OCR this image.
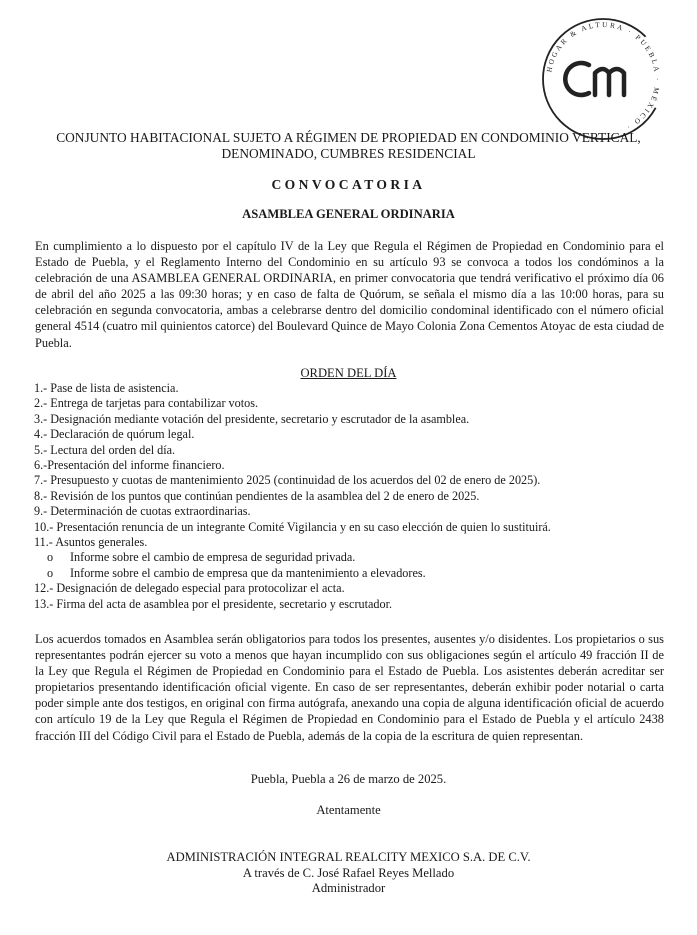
HOGAR & ALTURA · PUEBLA · MÉXICO ·
CONJUNTO HABITACIONAL SUJETO A RÉGIMEN DE PROPIEDAD EN CONDOMINIO VERTICAL,
DENOMINADO, CUMBRES RESIDENCIAL
CONVOCATORIA
ASAMBLEA GENERAL ORDINARIA

En cumplimiento a lo dispuesto por el capítulo IV de la Ley que Regula el Régimen de Propiedad en Condominio para el Estado de Puebla, y el Reglamento Interno del Condominio en su artículo 93 se convoca a todos los condóminos a la celebración de una ASAMBLEA GENERAL ORDINARIA, en primer convocatoria que tendrá verificativo el próximo día 06 de abril del año 2025 a las 09:30 horas; y en caso de falta de Quórum, se señala el mismo día a las 10:00 horas, para su celebración en segunda convocatoria, ambas a celebrarse dentro del domicilio condominal identificado con el número oficial general 4514 (cuatro mil quinientos catorce) del Boulevard Quince de Mayo Colonia Zona Cementos Atoyac de esta ciudad de Puebla.

ORDEN DEL DÍA
1.- Pase de lista de asistencia.
2.- Entrega de tarjetas para contabilizar votos.
3.- Designación mediante votación del presidente, secretario y escrutador de la asamblea.
4.- Declaración de quórum legal.
5.- Lectura del orden del día.
6.-Presentación del informe financiero.
7.- Presupuesto y cuotas de mantenimiento 2025 (continuidad de los acuerdos del 02 de enero de 2025).
8.- Revisión de los puntos que continúan pendientes de la asamblea del 2 de enero de 2025.
9.- Determinación de cuotas extraordinarias.
10.- Presentación renuncia de un integrante Comité Vigilancia y en su caso elección de quien lo sustituirá.
11.- Asuntos generales.
o Informe sobre el cambio de empresa de seguridad privada.
o Informe sobre el cambio de empresa que da mantenimiento a elevadores.
12.- Designación de delegado especial para protocolizar el acta.
13.- Firma del acta de asamblea por el presidente, secretario y escrutador.

Los acuerdos tomados en Asamblea serán obligatorios para todos los presentes, ausentes y/o disidentes. Los propietarios o sus representantes podrán ejercer su voto a menos que hayan incumplido con sus obligaciones según el artículo 49 fracción II de la Ley que Regula el Régimen de Propiedad en Condominio para el Estado de Puebla. Los asistentes deberán acreditar ser propietarios presentando identificación oficial vigente. En caso de ser representantes, deberán exhibir poder notarial o carta poder simple ante dos testigos, en original con firma autógrafa, anexando una copia de alguna identificación oficial de acuerdo con artículo 19 de la Ley que Regula el Régimen de Propiedad en Condominio para el Estado de Puebla y el artículo 2438 fracción III del Código Civil para el Estado de Puebla, además de la copia de la escritura de quien representan.

Puebla, Puebla a 26 de marzo de 2025.
Atentamente
ADMINISTRACIÓN INTEGRAL REALCITY MEXICO S.A. DE C.V.
A través de C. José Rafael Reyes Mellado
Administrador
